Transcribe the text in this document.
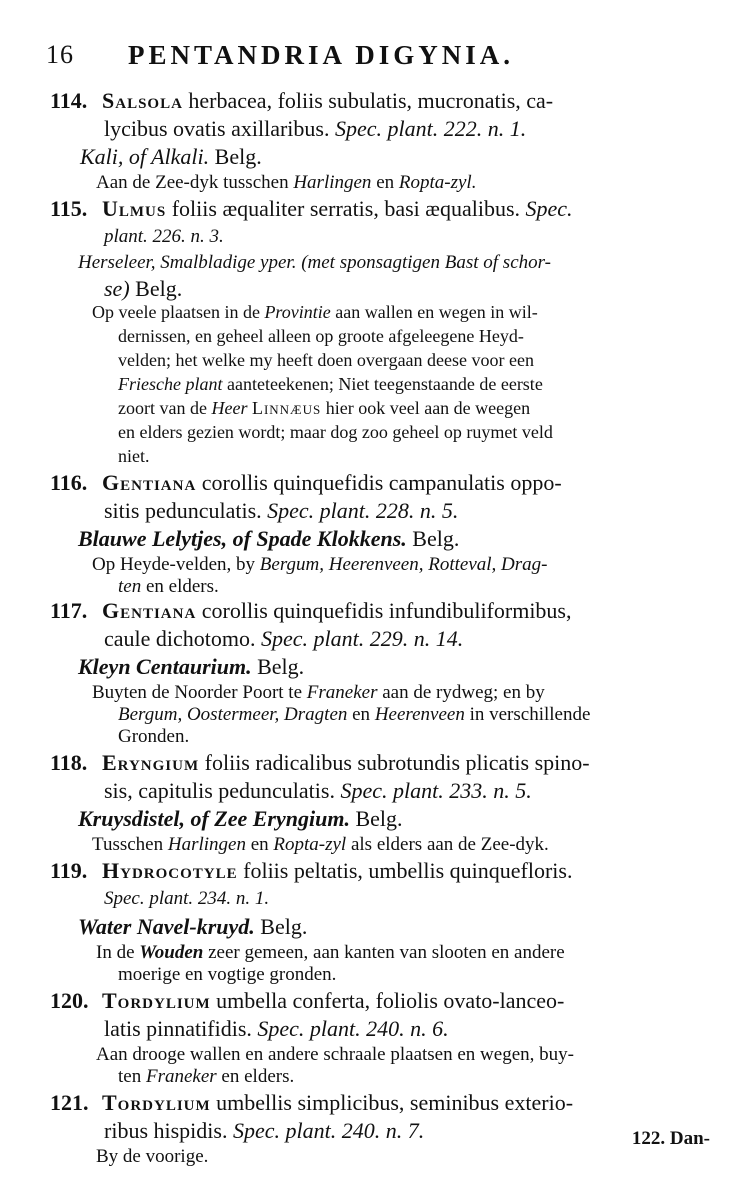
16 PENTANDRIA DIGYNIA.
114. Salsola herbacea, foliis subulatis, mucronatis, ca-
lycibus ovatis axillaribus. Spec. plant. 222. n. 1.
Kali, of Alkali. Belg.
Aan de Zee-dyk tusschen Harlingen en Ropta-zyl.
115. Ulmus foliis æqualiter serratis, basi æqualibus. Spec.
plant. 226. n. 3.
Herseleer, Smalbladige yper. (met sponsagtigen Bast of schor-
se) Belg.
Op veele plaatsen in de Provintie aan wallen en wegen in wil-
dernissen, en geheel alleen op groote afgeleegene Heyd-
velden; het welke my heeft doen overgaan deese voor een
Friesche plant aanteteekenen; Niet teegenstaande de eerste
zoort van de Heer Linnæus hier ook veel aan de weegen
en elders gezien wordt; maar dog zoo geheel op ruymet veld
niet.
116. Gentiana corollis quinquefidis campanulatis oppo-
sitis pedunculatis. Spec. plant. 228. n. 5.
Blauwe Lelytjes, of Spade Klokkens. Belg.
Op Heyde-velden, by Bergum, Heerenveen, Rotteval, Drag-
ten en elders.
117. Gentiana corollis quinquefidis infundibuliformibus,
caule dichotomo. Spec. plant. 229. n. 14.
Kleyn Centaurium. Belg.
Buyten de Noorder Poort te Franeker aan de rydweg; en by
Bergum, Oostermeer, Dragten en Heerenveen in verschillende
Gronden.
118. Eryngium foliis radicalibus subrotundis plicatis spino-
sis, capitulis pedunculatis. Spec. plant. 233. n. 5.
Kruysdistel, of Zee Eryngium. Belg.
Tusschen Harlingen en Ropta-zyl als elders aan de Zee-dyk.
119. Hydrocotyle foliis peltatis, umbellis quinquefloris.
Spec. plant. 234. n. 1.
Water Navel-kruyd. Belg.
In de Wouden zeer gemeen, aan kanten van slooten en andere
moerige en vogtige gronden.
120. Tordylium umbella conferta, foliolis ovato-lanceo-
latis pinnatifidis. Spec. plant. 240. n. 6.
Aan drooge wallen en andere schraale plaatsen en wegen, buy-
ten Franeker en elders.
121. Tordylium umbellis simplicibus, seminibus exterio-
ribus hispidis. Spec. plant. 240. n. 7.
By de voorige.
122. Dan-
